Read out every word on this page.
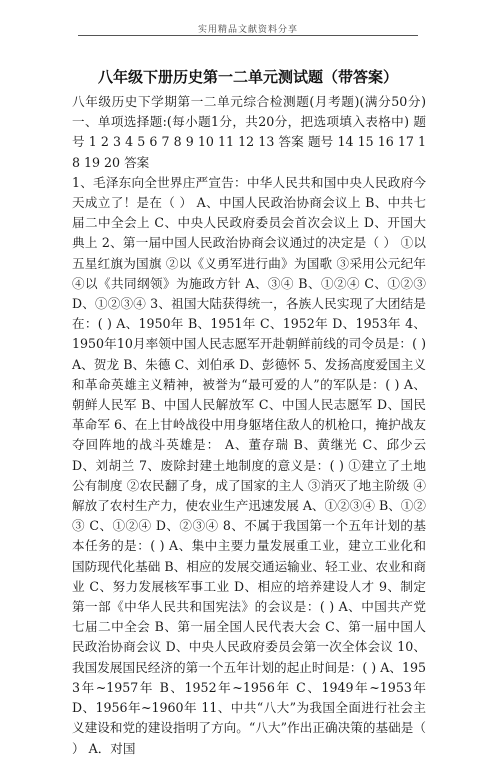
实用精品文献资料分享
八年级下册历史第一二单元测试题（带答案）

八年级历史下学期第一二单元综合检测题(月考题)(满分50分) 一、单项选择题:(每小题1分，共20分，把选项填入表格中) 题号 1 2 3 4 5 6 7 8 9 10 11 12 13 答案 题号 14 15 16 17 18 19 20 答案

1、毛泽东向全世界庄严宣告：中华人民共和国中央人民政府今天成立了！是在（ ） A、中国人民政治协商会议上 B、中共七届二中全会上 C、中央人民政府委员会首次会议上 D、开国大典上 2、第一届中国人民政治协商会议通过的决定是（ ） ①以五星红旗为国旗 ②以《义勇军进行曲》为国歌 ③采用公元纪年 ④以《共同纲领》为施政方针 A、③④ B、①②④ C、①②③ D、①②③④ 3、祖国大陆获得统一，各族人民实现了大团结是在：( ) A、1950年 B、1951年 C、1952年 D、1953年 4、1950年10月率领中国人民志愿军开赴朝鲜前线的司令员是：( ) A、贺龙 B、朱德 C、刘伯承 D、彭德怀 5、发扬高度爱国主义和革命英雄主义精神，被誉为“最可爱的人”的军队是：( ) A、朝鲜人民军 B、中国人民解放军 C、中国人民志愿军 D、国民革命军 6、在上甘岭战役中用身躯堵住敌人的机枪口，掩护战友夺回阵地的战斗英雄是： A、董存瑞 B、黄继光 C、邱少云 D、刘胡兰 7、废除封建土地制度的意义是：( ) ①建立了土地公有制度 ②农民翻了身，成了国家的主人 ③消灭了地主阶级 ④解放了农村生产力，使农业生产迅速发展 A、①②③④ B、①②③ C、①②④ D、②③④ 8、不属于我国第一个五年计划的基本任务的是：( ) A、集中主要力量发展重工业，建立工业化和国防现代化基础 B、相应的发展交通运输业、轻工业、农业和商业 C、努力发展核军事工业 D、相应的培养建设人才 9、制定第一部《中华人民共和国宪法》的会议是：( ) A、中国共产党七届二中全会 B、第一届全国人民代表大会 C、第一届中国人民政治协商会议 D、中央人民政府委员会第一次全体会议 10、我国发展国民经济的第一个五年计划的起止时间是：( ) A、1953年~1957年 B、1952年~1956年 C、1949年~1953年 D、1956年~1960年 11、中共“八大”为我国全面进行社会主义建设和党的建设指明了方向。“八大”作出正确决策的基础是（ ） A．对国
